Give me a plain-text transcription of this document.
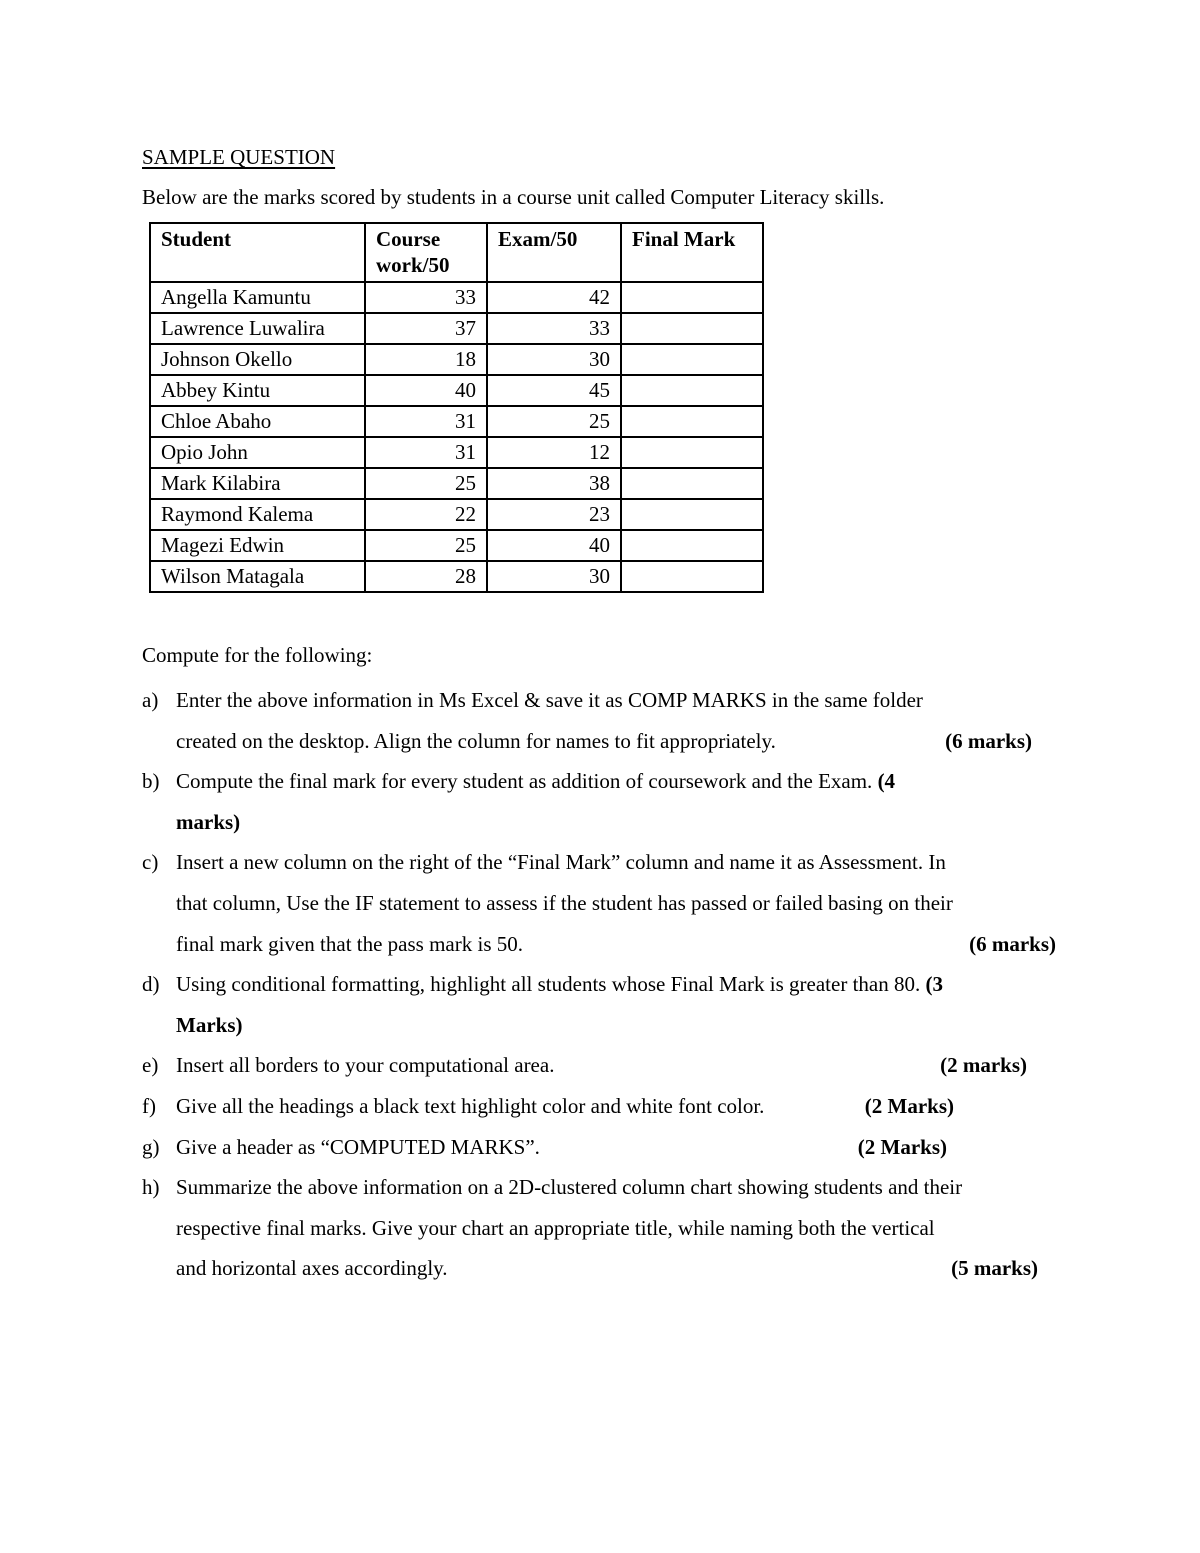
SAMPLE QUESTION
Below are the marks scored by students in a course unit called Computer Literacy skills.
Student	Course work/50	Exam/50	Final Mark
Angella Kamuntu	33	42	
Lawrence Luwalira	37	33	
Johnson Okello	18	30	
Abbey Kintu	40	45	
Chloe Abaho	31	25	
Opio John	31	12	
Mark Kilabira	25	38	
Raymond Kalema	22	23	
Magezi Edwin	25	40	
Wilson Matagala	28	30	
Compute for the following:
a) Enter the above information in Ms Excel & save it as COMP MARKS in the same folder
created on the desktop. Align the column for names to fit appropriately.	(6 marks)
b) Compute the final mark for every student as addition of coursework and the Exam. (4
marks)
c) Insert a new column on the right of the “Final Mark” column and name it as Assessment. In
that column, Use the IF statement to assess if the student has passed or failed basing on their
final mark given that the pass mark is 50.	(6 marks)
d) Using conditional formatting, highlight all students whose Final Mark is greater than 80. (3
Marks)
e) Insert all borders to your computational area.	(2 marks)
f) Give all the headings a black text highlight color and white font color.	(2 Marks)
g) Give a header as “COMPUTED MARKS”.	(2 Marks)
h) Summarize the above information on a 2D-clustered column chart showing students and their
respective final marks. Give your chart an appropriate title, while naming both the vertical
and horizontal axes accordingly.	(5 marks)
